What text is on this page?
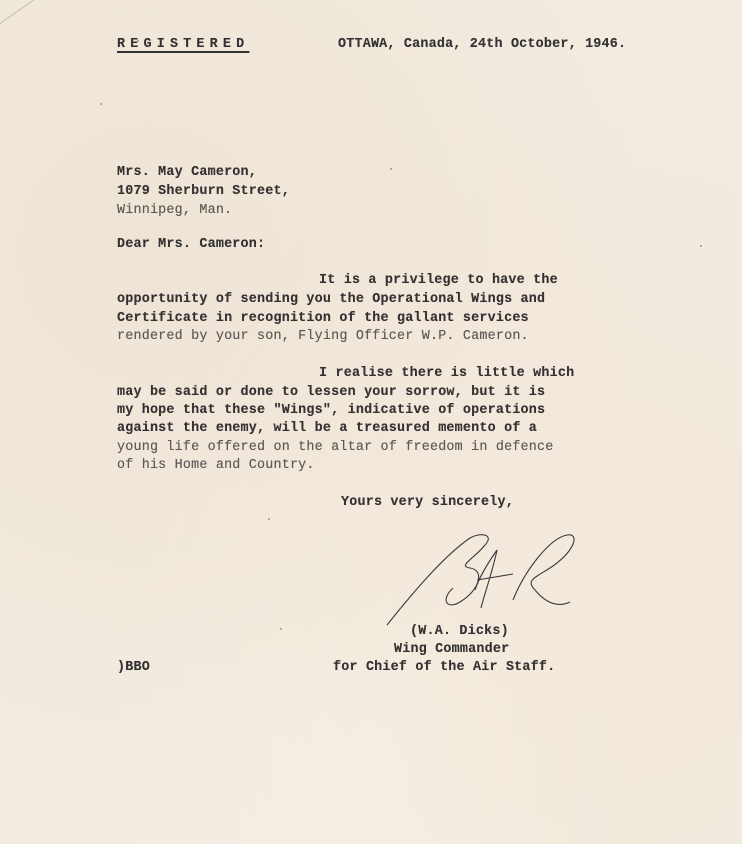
REGISTERED	OTTAWA, Canada, 24th October, 1946.
Mrs. May Cameron,
1079 Sherburn Street,
Winnipeg, Man.
Dear Mrs. Cameron:
It is a privilege to have the
opportunity of sending you the Operational Wings and
Certificate in recognition of the gallant services
rendered by your son, Flying Officer W.P. Cameron.
I realise there is little which
may be said or done to lessen your sorrow, but it is
my hope that these "Wings", indicative of operations
against the enemy, will be a treasured memento of a
young life offered on the altar of freedom in defence
of his Home and Country.
Yours very sincerely,
(W.A. Dicks)
Wing Commander
for Chief of the Air Staff.
)BBO
